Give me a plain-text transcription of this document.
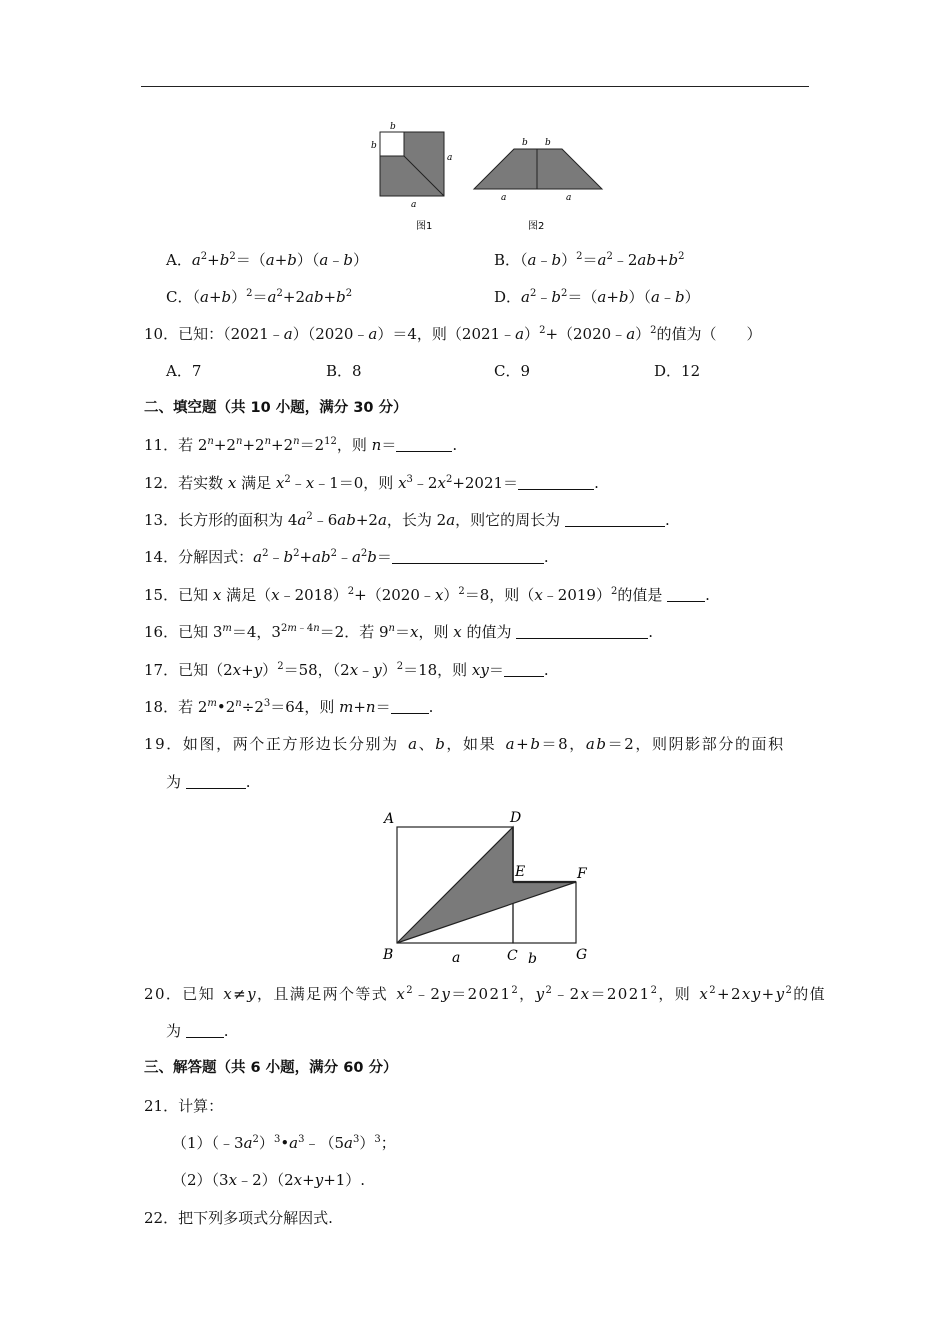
b
b
a
a
图1
b b
a	a
图2
A．$a^2+b^2=(a+b)(a﹣b)$	B．$(a﹣b)^2=a^2﹣2ab+b^2$
C．$(a+b)^2=a^2+2ab+b^2$	D．$a^2﹣b^2=(a+b)(a﹣b)$
10．已知：（2021﹣a）（2020﹣a）＝4，则（2021﹣a）$^2$+（2020﹣a）$^2$的值为（　　）
A．7	B．8	C．9	D．12
二、填空题（共 10 小题，满分 30 分）
11．若 $2^n+2^n+2^n+2^n=2^{12}$，则 n＝	.
12．若实数 x 满足 $x^2﹣x﹣1=0$，则 $x^3﹣2x^2+2021=$	.
13．长方形的面积为 $4a^2﹣6ab+2a$，长为 2a，则它的周长为	.
14．分解因式：$a^2﹣b^2+ab^2﹣a^2b=$	.
15．已知 x 满足（x﹣2018）$^2$+（2020﹣x）$^2$＝8，则（x﹣2019）$^2$的值是	.
16．已知 $3^m=4$，$3^{2m﹣4n}=2$．若 $9^n=x$，则 x 的值为	.
17．已知$(2x+y)^2=58$，（2x﹣y）$^2$＝18，则 xy＝	.
18．若 $2^m•2^n\div 2^3=64$，则 m+n＝	.
19．如图，两个正方形边长分别为 a、b，如果 a+b＝8，ab＝2，则阴影部分的面积
为	.
A	D
E	F
B	a	C b	G
20．已知 x≠y，且满足两个等式 $x^2﹣2y=2021^2$，$y^2﹣2x=2021^2$，则 $x^2+2xy+y^2$的值
为	.
三、解答题（共 6 小题，满分 60 分）
21．计算：
$(1)(﹣3a^2)^3•a^3﹣(5a^3)^3$；
（2）（3x﹣2）（2x+y+1）.
22．把下列多项式分解因式.
